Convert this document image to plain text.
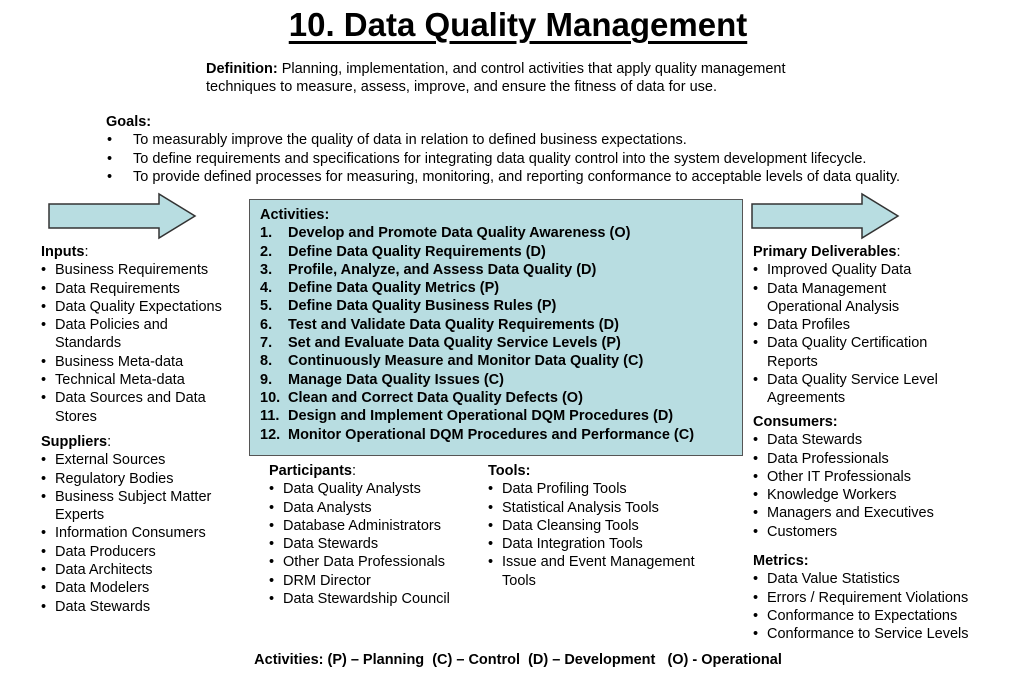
10. Data Quality Management
Definition: Planning, implementation, and control activities that apply quality management techniques to measure, assess, improve, and ensure the fitness of data for use.
Goals:
• To measurably improve the quality of data in relation to defined business expectations.
• To define requirements and specifications for integrating data quality control into the system development lifecycle.
• To provide defined processes for measuring, monitoring, and reporting conformance to acceptable levels of data quality.
Inputs:
• Business Requirements
• Data Requirements
• Data Quality Expectations
• Data Policies and Standards
• Business Meta-data
• Technical Meta-data
• Data Sources and Data Stores
Suppliers:
• External Sources
• Regulatory Bodies
• Business Subject Matter Experts
• Information Consumers
• Data Producers
• Data Architects
• Data Modelers
• Data Stewards
Activities:
1. Develop and Promote Data Quality Awareness (O)
2. Define Data Quality Requirements (D)
3. Profile, Analyze, and Assess Data Quality (D)
4. Define Data Quality Metrics (P)
5. Define Data Quality Business Rules (P)
6. Test and Validate Data Quality Requirements (D)
7. Set and Evaluate Data Quality Service Levels (P)
8. Continuously Measure and Monitor Data Quality (C)
9. Manage Data Quality Issues (C)
10. Clean and Correct Data Quality Defects (O)
11. Design and Implement Operational DQM Procedures (D)
12. Monitor Operational DQM Procedures and Performance (C)
Participants:
• Data Quality Analysts
• Data Analysts
• Database Administrators
• Data Stewards
• Other Data Professionals
• DRM Director
• Data Stewardship Council
Tools:
• Data Profiling Tools
• Statistical Analysis Tools
• Data Cleansing Tools
• Data Integration Tools
• Issue and Event Management Tools
Primary Deliverables:
• Improved Quality Data
• Data Management Operational Analysis
• Data Profiles
• Data Quality Certification Reports
• Data Quality Service Level Agreements
Consumers:
• Data Stewards
• Data Professionals
• Other IT Professionals
• Knowledge Workers
• Managers and Executives
• Customers
Metrics:
• Data Value Statistics
• Errors / Requirement Violations
• Conformance to Expectations
• Conformance to Service Levels
Activities: (P) – Planning  (C) – Control  (D) – Development   (O) - Operational
